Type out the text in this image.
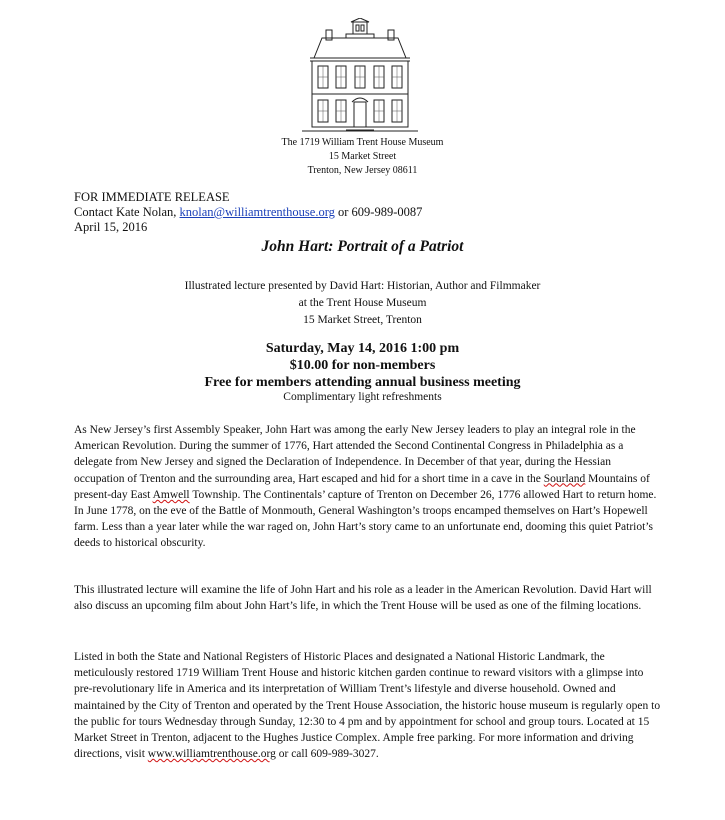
The 1719 William Trent House Museum
15 Market Street
Trenton, New Jersey 08611
FOR IMMEDIATE RELEASE
Contact Kate Nolan, knolan@williamtrenthouse.org or 609-989-0087
April 15, 2016
John Hart: Portrait of a Patriot
Illustrated lecture presented by David Hart: Historian, Author and Filmmaker
at the Trent House Museum
15 Market Street, Trenton
Saturday, May 14, 2016 1:00 pm
$10.00 for non-members
Free for members attending annual business meeting
Complimentary light refreshments

As New Jersey’s first Assembly Speaker, John Hart was among the early New Jersey leaders to play an integral role in the American Revolution. During the summer of 1776, Hart attended the Second Continental Congress in Philadelphia as a delegate from New Jersey and signed the Declaration of Independence. In December of that year, during the Hessian occupation of Trenton and the surrounding area, Hart escaped and hid for a short time in a cave in the Sourland Mountains of present-day East Amwell Township. The Continentals’ capture of Trenton on December 26, 1776 allowed Hart to return home. In June 1778, on the eve of the Battle of Monmouth, General Washington’s troops encamped themselves on Hart’s Hopewell farm. Less than a year later while the war raged on, John Hart’s story came to an unfortunate end, dooming this quiet Patriot’s deeds to historical obscurity.

This illustrated lecture will examine the life of John Hart and his role as a leader in the American Revolution. David Hart will also discuss an upcoming film about John Hart’s life, in which the Trent House will be used as one of the filming locations.

Listed in both the State and National Registers of Historic Places and designated a National Historic Landmark, the meticulously restored 1719 William Trent House and historic kitchen garden continue to reward visitors with a glimpse into pre-revolutionary life in America and its interpretation of William Trent’s lifestyle and diverse household. Owned and maintained by the City of Trenton and operated by the Trent House Association, the historic house museum is regularly open to the public for tours Wednesday through Sunday, 12:30 to 4 pm and by appointment for school and group tours. Located at 15 Market Street in Trenton, adjacent to the Hughes Justice Complex. Ample free parking. For more information and driving directions, visit www.williamtrenthouse.org or call 609-989-3027.
